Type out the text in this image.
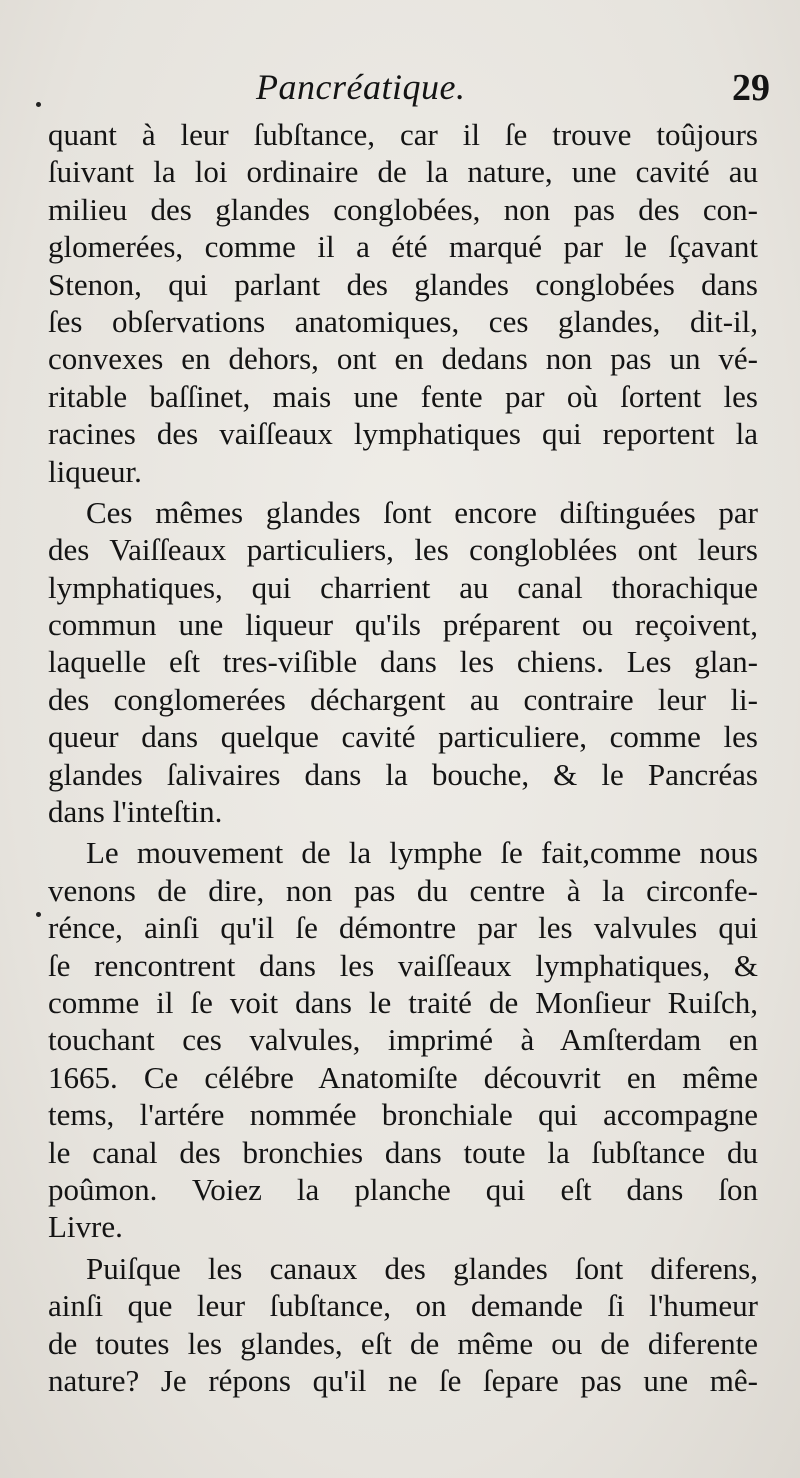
Pancréatique.	29
quant à leur ſubſtance, car il ſe trouve toûjours
ſuivant la loi ordinaire de la nature, une cavité au
milieu des glandes conglobées, non pas des con-
glomerées, comme il a été marqué par le ſçavant
Stenon, qui parlant des glandes conglobées dans
ſes obſervations anatomiques, ces glandes, dit-il,
convexes en dehors, ont en dedans non pas un vé-
ritable baſſinet, mais une fente par où ſortent les
racines des vaiſſeaux lymphatiques qui reportent la
liqueur.
Ces mêmes glandes ſont encore diſtinguées par
des Vaiſſeaux particuliers, les congloblées ont leurs
lymphatiques, qui charrient au canal thorachique
commun une liqueur qu'ils préparent ou reçoivent,
laquelle eſt tres-viſible dans les chiens. Les glan-
des conglomerées déchargent au contraire leur li-
queur dans quelque cavité particuliere, comme les
glandes ſalivaires dans la bouche, & le Pancréas
dans l'inteſtin.
Le mouvement de la lymphe ſe fait,comme nous
venons de dire, non pas du centre à la circonfe-
rénce, ainſi qu'il ſe démontre par les valvules qui
ſe rencontrent dans les vaiſſeaux lymphatiques, &
comme il ſe voit dans le traité de Monſieur Ruiſch,
touchant ces valvules, imprimé à Amſterdam en
1665. Ce célébre Anatomiſte découvrit en même
tems, l'artére nommée bronchiale qui accompagne
le canal des bronchies dans toute la ſubſtance du
poûmon. Voiez la planche qui eſt dans ſon
Livre.
Puiſque les canaux des glandes ſont diferens,
ainſi que leur ſubſtance, on demande ſi l'humeur
de toutes les glandes, eſt de même ou de diferente
nature? Je répons qu'il ne ſe ſepare pas une mê-
